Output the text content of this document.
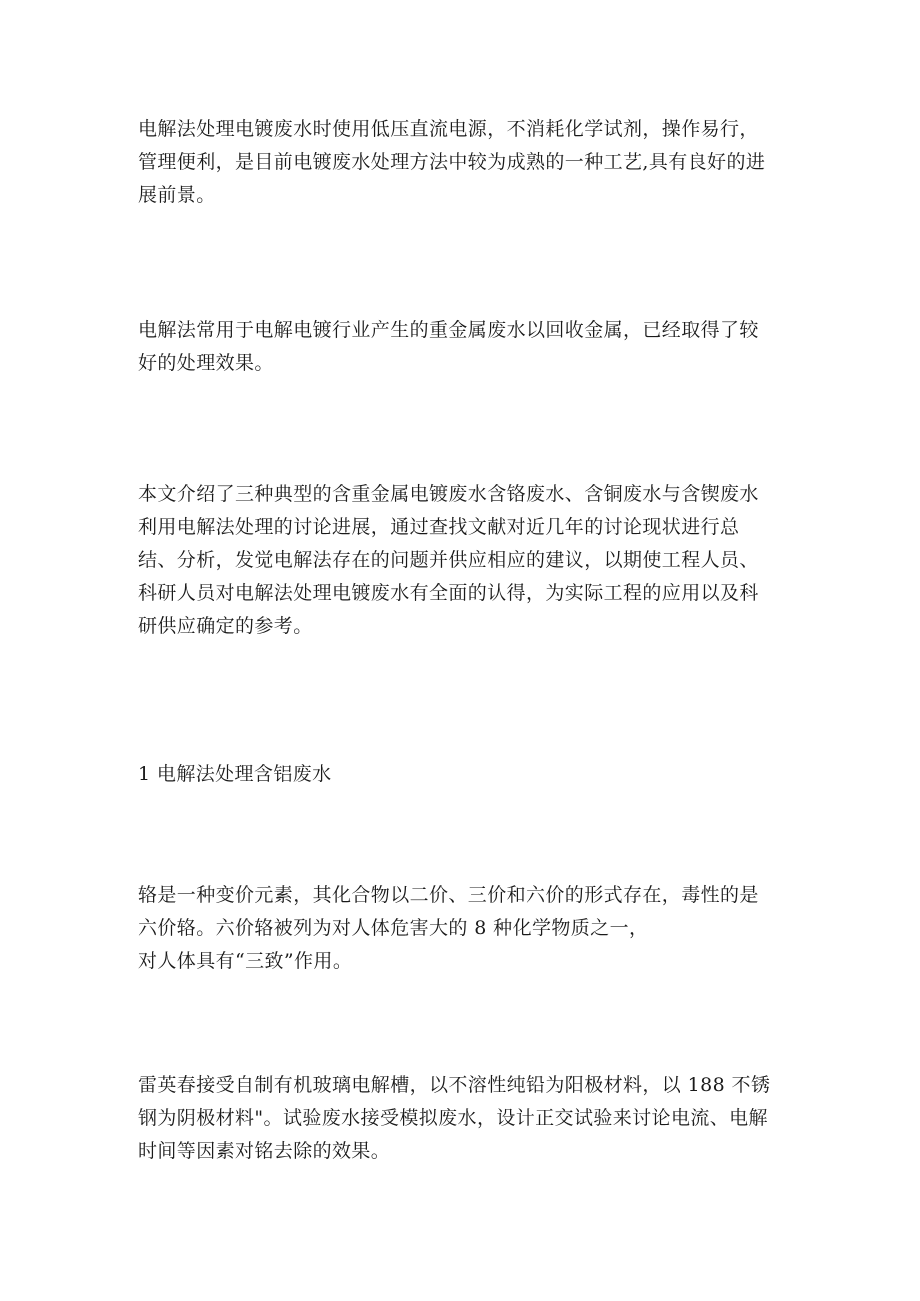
电解法处理电镀废水时使用低压直流电源，不消耗化学试剂，操作易行，
管理便利，是目前电镀废水处理方法中较为成熟的一种工艺,具有良好的进
展前景。

电解法常用于电解电镀行业产生的重金属废水以回收金属，已经取得了较
好的处理效果。

本文介绍了三种典型的含重金属电镀废水含铬废水、含铜废水与含锲废水
利用电解法处理的讨论进展，通过查找文献对近几年的讨论现状进行总
结、分析，发觉电解法存在的问题并供应相应的建议，以期使工程人员、
科研人员对电解法处理电镀废水有全面的认得，为实际工程的应用以及科
研供应确定的参考。

1 电解法处理含铝废水

辂是一种变价元素，其化合物以二价、三价和六价的形式存在，毒性的是
六价辂。六价辂被列为对人体危害大的 8 种化学物质之一，
对人体具有“三致”作用。

雷英春接受自制有机玻璃电解槽，以不溶性纯铅为阳极材料，以 188 不锈
钢为阴极材料"。试验废水接受模拟废水，设计正交试验来讨论电流、电解
时间等因素对铭去除的效果。
